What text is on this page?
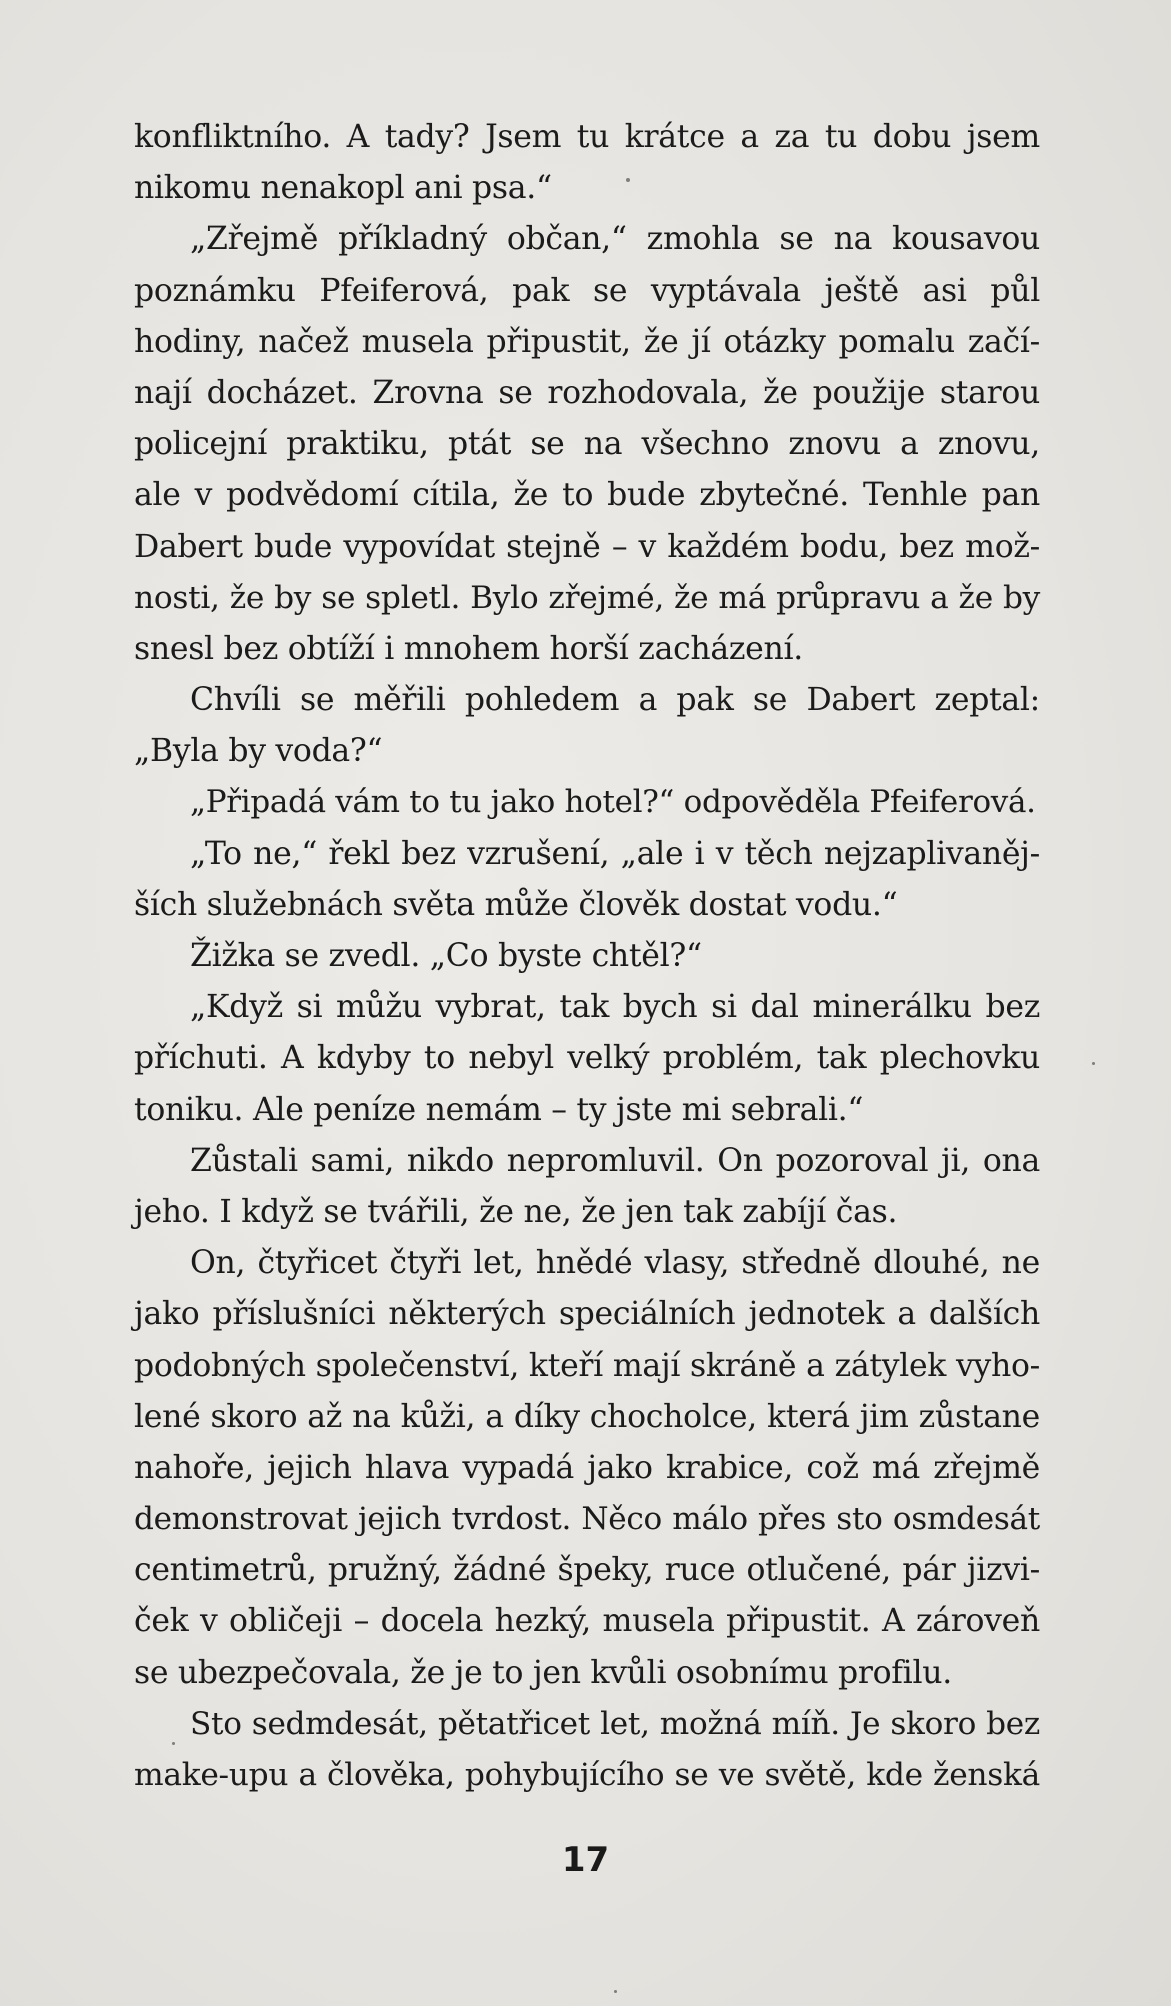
konfliktního. A tady? Jsem tu krátce a za tu dobu jsem
nikomu nenakopl ani psa.“
„Zřejmě příkladný občan,“ zmohla se na kousavou
poznámku Pfeiferová, pak se vyptávala ještě asi půl
hodiny, načež musela připustit, že jí otázky pomalu začí-
nají docházet. Zrovna se rozhodovala, že použije starou
policejní praktiku, ptát se na všechno znovu a znovu,
ale v podvědomí cítila, že to bude zbytečné. Tenhle pan
Dabert bude vypovídat stejně – v každém bodu, bez mož-
nosti, že by se spletl. Bylo zřejmé, že má průpravu a že by
snesl bez obtíží i mnohem horší zacházení.
Chvíli se měřili pohledem a pak se Dabert zeptal:
„Byla by voda?“
„Připadá vám to tu jako hotel?“ odpověděla Pfeiferová.
„To ne,“ řekl bez vzrušení, „ale i v těch nejzaplivaněj-
ších služebnách světa může člověk dostat vodu.“
Žižka se zvedl. „Co byste chtěl?“
„Když si můžu vybrat, tak bych si dal minerálku bez
příchuti. A kdyby to nebyl velký problém, tak plechovku
toniku. Ale peníze nemám – ty jste mi sebrali.“
Zůstali sami, nikdo nepromluvil. On pozoroval ji, ona
jeho. I když se tvářili, že ne, že jen tak zabíjí čas.
On, čtyřicet čtyři let, hnědé vlasy, středně dlouhé, ne
jako příslušníci některých speciálních jednotek a dalších
podobných společenství, kteří mají skráně a zátylek vyho-
lené skoro až na kůži, a díky chocholce, která jim zůstane
nahoře, jejich hlava vypadá jako krabice, což má zřejmě
demonstrovat jejich tvrdost. Něco málo přes sto osmdesát
centimetrů, pružný, žádné špeky, ruce otlučené, pár jizvi-
ček v obličeji – docela hezký, musela připustit. A zároveň
se ubezpečovala, že je to jen kvůli osobnímu profilu.
Sto sedmdesát, pětatřicet let, možná míň. Je skoro bez
make-upu a člověka, pohybujícího se ve světě, kde ženská
17
